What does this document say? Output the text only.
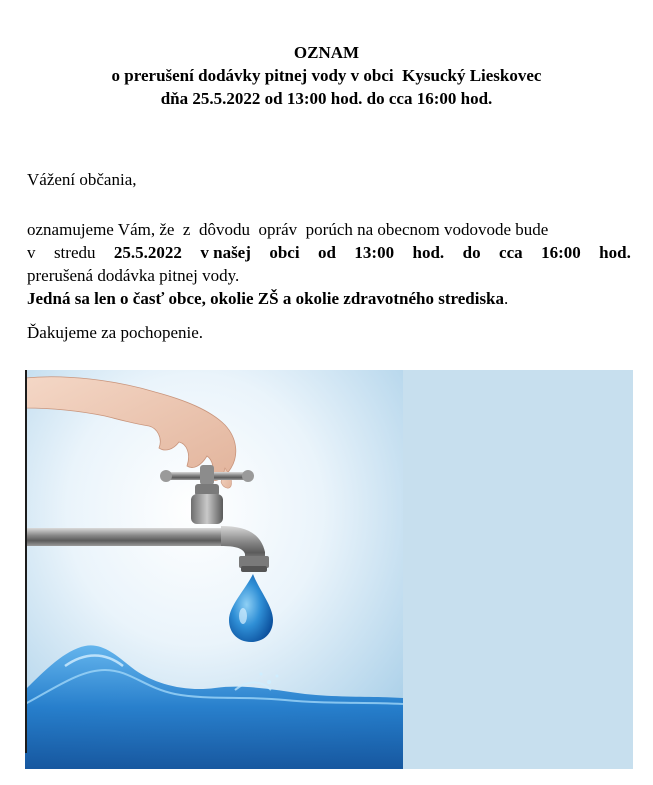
OZNAM
o prerušení dodávky pitnej vody v obci  Kysucký Lieskovec
dňa 25.5.2022 od 13:00 hod. do cca 16:00 hod.
Vážení občania,
oznamujeme Vám, že  z  dôvodu  opráv  porúch na obecnom vodovode bude
v stredu 25.5.2022 v našej obci od 13:00 hod. do cca 16:00 hod.
prerušená dodávka pitnej vody.
Jedná sa len o časť obce, okolie ZŠ a okolie zdravotného strediska.
Ďakujeme za pochopenie.
